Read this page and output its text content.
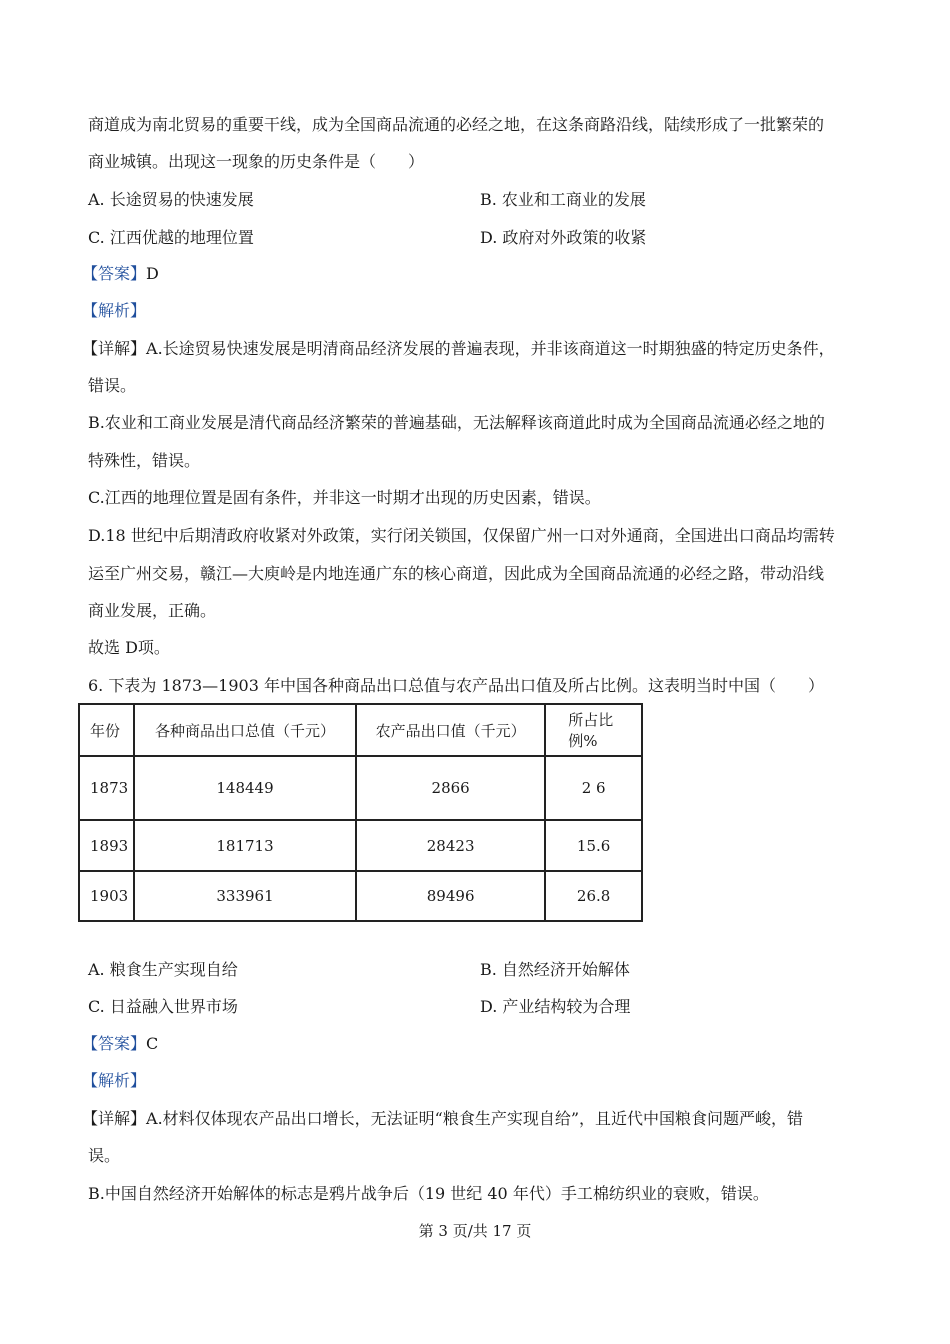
商道成为南北贸易的重要干线，成为全国商品流通的必经之地，在这条商路沿线，陆续形成了一批繁荣的
商业城镇。出现这一现象的历史条件是（　　）
A. 长途贸易的快速发展	B. 农业和工商业的发展
C. 江西优越的地理位置	D. 政府对外政策的收紧
【答案】D
【解析】
【详解】A.长途贸易快速发展是明清商品经济发展的普遍表现，并非该商道这一时期独盛的特定历史条件，
错误。
B.农业和工商业发展是清代商品经济繁荣的普遍基础，无法解释该商道此时成为全国商品流通必经之地的
特殊性，错误。
C.江西的地理位置是固有条件，并非这一时期才出现的历史因素，错误。
D.18 世纪中后期清政府收紧对外政策，实行闭关锁国，仅保留广州一口对外通商，全国进出口商品均需转
运至广州交易，赣江—大庾岭是内地连通广东的核心商道，因此成为全国商品流通的必经之路，带动沿线
商业发展，正确。
故选 D项。
6. 下表为 1873—1903 年中国各种商品出口总值与农产品出口值及所占比例。这表明当时中国（　　）
年份	各种商品出口总值（千元）	农产品出口值（千元）	所占比例%
1873	148449	2866	2 6
1893	181713	28423	15.6
1903	333961	89496	26.8
A. 粮食生产实现自给	B. 自然经济开始解体
C. 日益融入世界市场	D. 产业结构较为合理
【答案】C
【解析】
【详解】A.材料仅体现农产品出口增长，无法证明“粮食生产实现自给”，且近代中国粮食问题严峻，错
误。
B.中国自然经济开始解体的标志是鸦片战争后（19 世纪 40 年代）手工棉纺织业的衰败，错误。
第 3 页/共 17 页
